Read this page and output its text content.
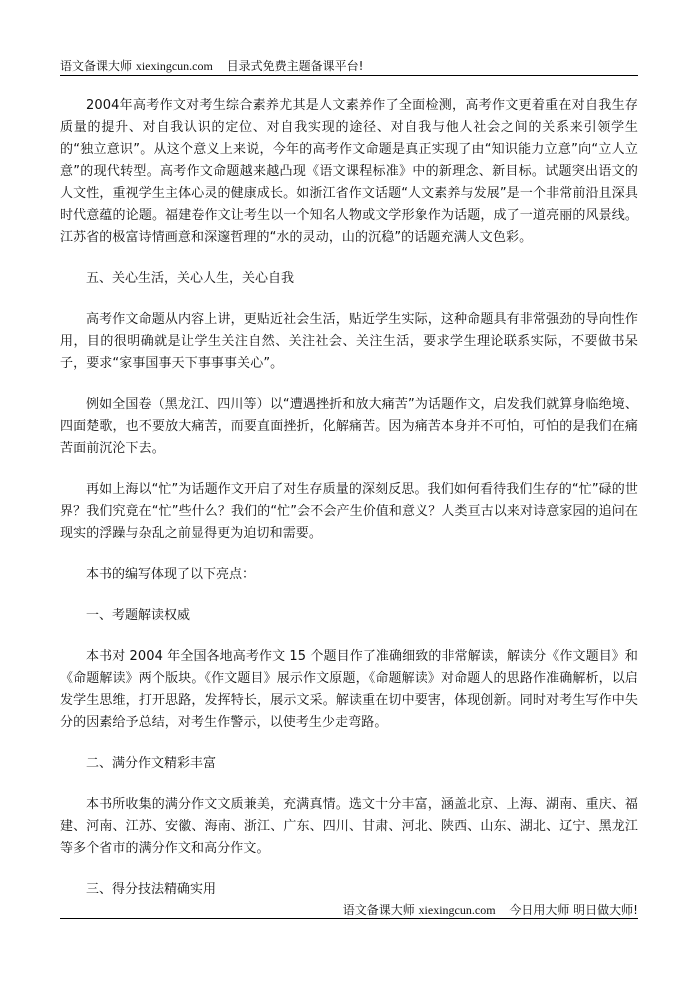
语文备课大师 xiexingcun.com 目录式免费主题备课平台!

2004年高考作文对考生综合素养尤其是人文素养作了全面检测，高考作文更着重在对自我生存质量的提升、对自我认识的定位、对自我实现的途径、对自我与他人社会之间的关系来引领学生的“独立意识”。从这个意义上来说，今年的高考作文命题是真正实现了由“知识能力立意”向“立人立意”的现代转型。高考作文命题越来越凸现《语文课程标准》中的新理念、新目标。试题突出语文的人文性，重视学生主体心灵的健康成长。如浙江省作文话题“人文素养与发展”是一个非常前沿且深具时代意蕴的论题。福建卷作文让考生以一个知名人物或文学形象作为话题，成了一道亮丽的风景线。江苏省的极富诗情画意和深邃哲理的“水的灵动，山的沉稳”的话题充满人文色彩。

五、关心生活，关心人生，关心自我

高考作文命题从内容上讲，更贴近社会生活，贴近学生实际，这种命题具有非常强劲的导向性作用，目的很明确就是让学生关注自然、关注社会、关注生活，要求学生理论联系实际，不要做书呆子，要求“家事国事天下事事事关心”。

例如全国卷（黑龙江、四川等）以“遭遇挫折和放大痛苦”为话题作文，启发我们就算身临绝境、四面楚歌，也不要放大痛苦，而要直面挫折，化解痛苦。因为痛苦本身并不可怕，可怕的是我们在痛苦面前沉沦下去。

再如上海以“忙”为话题作文开启了对生存质量的深刻反思。我们如何看待我们生存的“忙”碌的世界？我们究竟在“忙”些什么？我们的“忙”会不会产生价值和意义？人类亘古以来对诗意家园的追问在现实的浮躁与杂乱之前显得更为迫切和需要。

本书的编写体现了以下亮点：

一、考题解读权威

本书对 2004 年全国各地高考作文 15 个题目作了准确细致的非常解读，解读分《作文题目》和《命题解读》两个版块。《作文题目》展示作文原题，《命题解读》对命题人的思路作准确解析，以启发学生思维，打开思路，发挥特长，展示文采。解读重在切中要害，体现创新。同时对考生写作中失分的因素给予总结，对考生作警示，以使考生少走弯路。

二、满分作文精彩丰富

本书所收集的满分作文文质兼美，充满真情。选文十分丰富，涵盖北京、上海、湖南、重庆、福建、河南、江苏、安徽、海南、浙江、广东、四川、甘肃、河北、陕西、山东、湖北、辽宁、黑龙江等多个省市的满分作文和高分作文。

三、得分技法精确实用

语文备课大师 xiexingcun.com 今日用大师 明日做大师!
